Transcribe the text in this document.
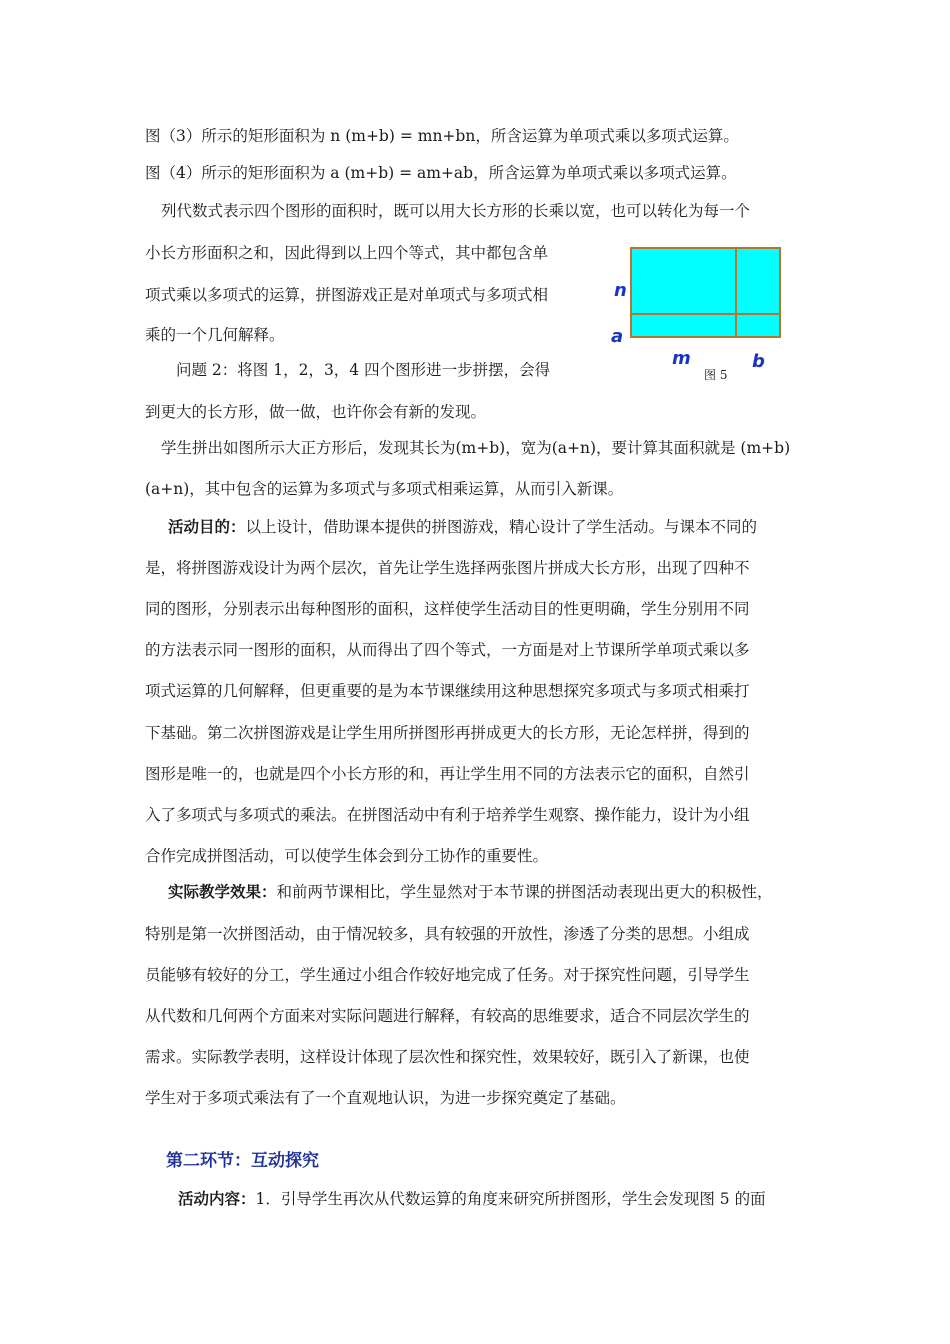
图（3）所示的矩形面积为 n (m+b) = mn+bn，所含运算为单项式乘以多项式运算。
图（4）所示的矩形面积为 a (m+b) = am+ab，所含运算为单项式乘以多项式运算。
列代数式表示四个图形的面积时，既可以用大长方形的长乘以宽，也可以转化为每一个
小长方形面积之和，因此得到以上四个等式，其中都包含单
项式乘以多项式的运算，拼图游戏正是对单项式与多项式相
乘的一个几何解释。
问题 2：将图 1，2，3，4 四个图形进一步拼摆，会得
到更大的长方形，做一做，也许你会有新的发现。
学生拼出如图所示大正方形后，发现其长为(m+b)，宽为(a+n)，要计算其面积就是 (m+b)
(a+n)，其中包含的运算为多项式与多项式相乘运算，从而引入新课。
n
a
m	b
图 5
活动目的：以上设计，借助课本提供的拼图游戏，精心设计了学生活动。与课本不同的
是，将拼图游戏设计为两个层次，首先让学生选择两张图片拼成大长方形，出现了四种不
同的图形，分别表示出每种图形的面积，这样使学生活动目的性更明确，学生分别用不同
的方法表示同一图形的面积，从而得出了四个等式，一方面是对上节课所学单项式乘以多
项式运算的几何解释，但更重要的是为本节课继续用这种思想探究多项式与多项式相乘打
下基础。第二次拼图游戏是让学生用所拼图形再拼成更大的长方形，无论怎样拼，得到的
图形是唯一的，也就是四个小长方形的和，再让学生用不同的方法表示它的面积，自然引
入了多项式与多项式的乘法。在拼图活动中有利于培养学生观察、操作能力，设计为小组
合作完成拼图活动，可以使学生体会到分工协作的重要性。
实际教学效果：和前两节课相比，学生显然对于本节课的拼图活动表现出更大的积极性，
特别是第一次拼图活动，由于情况较多，具有较强的开放性，渗透了分类的思想。小组成
员能够有较好的分工，学生通过小组合作较好地完成了任务。对于探究性问题，引导学生
从代数和几何两个方面来对实际问题进行解释，有较高的思维要求，适合不同层次学生的
需求。实际教学表明，这样设计体现了层次性和探究性，效果较好，既引入了新课，也使
学生对于多项式乘法有了一个直观地认识，为进一步探究奠定了基础。
第二环节：互动探究
活动内容：1．引导学生再次从代数运算的角度来研究所拼图形，学生会发现图 5 的面
